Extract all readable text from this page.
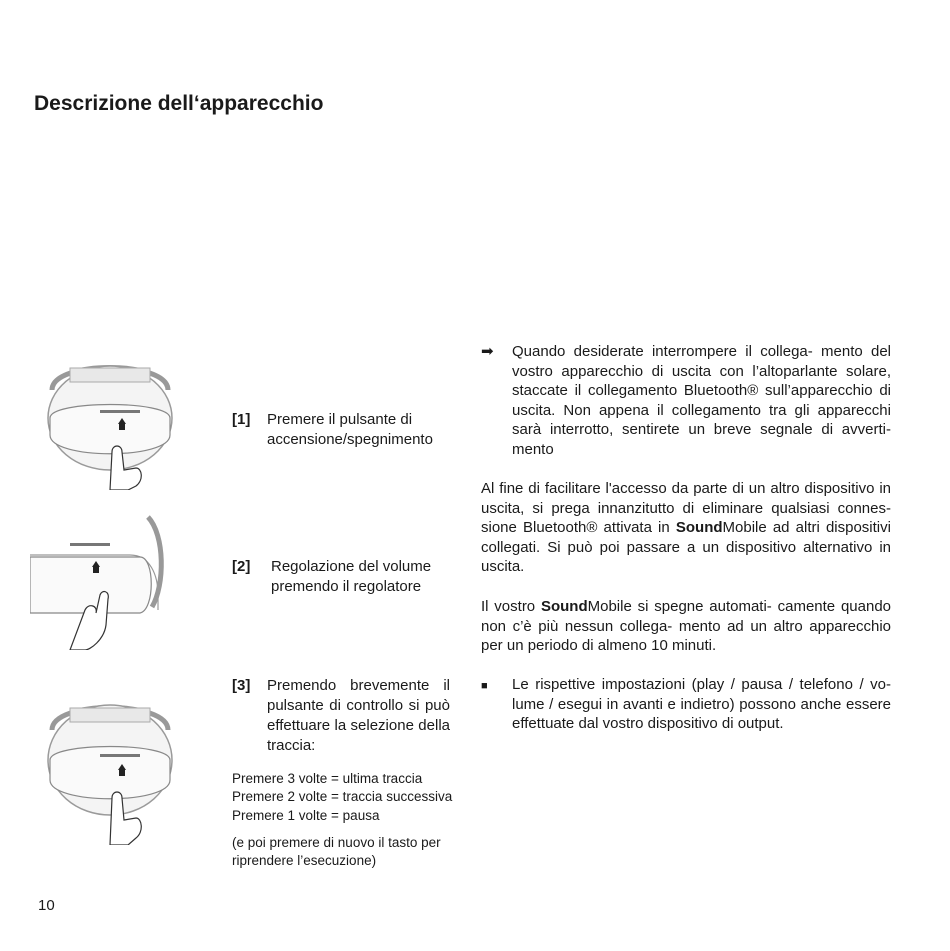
Descrizione dell‘apparecchio
[1] Premere il pulsante di accensione/spegnimento
[2] Regolazione del volume premendo il regolatore
[3] Premendo brevemente il pulsante di controllo si può effettuare la selezione della traccia:
Premere 3 volte = ultima traccia
Premere 2 volte = traccia successiva
Premere 1 volte = pausa
(e poi premere di nuovo il tasto per riprendere l’esecuzione)
➡ Quando desiderate interrompere il collega- mento del vostro apparecchio di uscita con l’altoparlante solare, staccate il collegamento Bluetooth® sull’apparecchio di uscita. Non appena il collegamento tra gli apparecchi sarà interrotto, sentirete un breve segnale di avverti- mento

Al fine di facilitare l'accesso da parte di un altro dispositivo in uscita, si prega innanzitutto di eliminare qualsiasi connes- sione Bluetooth® attivata in SoundMobile ad altri dispositivi collegati. Si può poi passare a un dispositivo alternativo in uscita.

Il vostro SoundMobile si spegne automati- camente quando non c’è più nessun collega- mento ad un altro apparecchio per un periodo di almeno 10 minuti.

■ Le rispettive impostazioni (play / pausa / telefono / vo- lume / esegui in avanti e indietro) possono anche essere effettuate dal vostro dispositivo di output.
10
